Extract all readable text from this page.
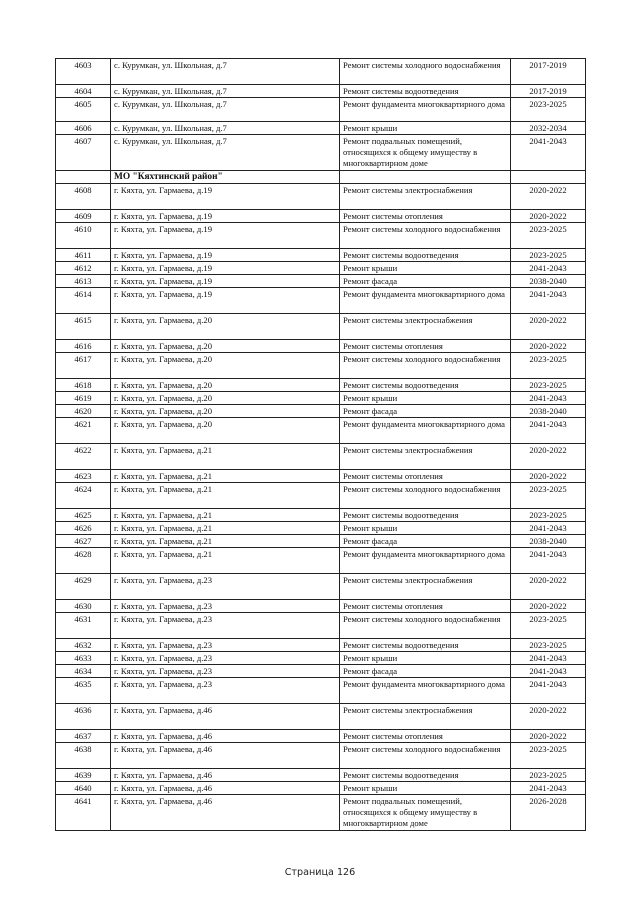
4603	с. Курумкан, ул. Школьная, д.7	Ремонт системы холодного водоснабжения	2017-2019
4604	с. Курумкан, ул. Школьная, д.7	Ремонт системы водоотведения	2017-2019
4605	с. Курумкан, ул. Школьная, д.7	Ремонт фундамента многоквартирного дома	2023-2025
4606	с. Курумкан, ул. Школьная, д.7	Ремонт крыши	2032-2034
4607	с. Курумкан, ул. Школьная, д.7	Ремонт подвальных помещений, относящихся к общему имуществу в многоквартирном доме	2041-2043
	МО "Кяхтинский район"		
4608	г. Кяхта, ул. Гармаева, д.19	Ремонт системы электроснабжения	2020-2022
4609	г. Кяхта, ул. Гармаева, д.19	Ремонт системы отопления	2020-2022
4610	г. Кяхта, ул. Гармаева, д.19	Ремонт системы холодного водоснабжения	2023-2025
4611	г. Кяхта, ул. Гармаева, д.19	Ремонт системы водоотведения	2023-2025
4612	г. Кяхта, ул. Гармаева, д.19	Ремонт крыши	2041-2043
4613	г. Кяхта, ул. Гармаева, д.19	Ремонт фасада	2038-2040
4614	г. Кяхта, ул. Гармаева, д.19	Ремонт фундамента многоквартирного дома	2041-2043
4615	г. Кяхта, ул. Гармаева, д.20	Ремонт системы электроснабжения	2020-2022
4616	г. Кяхта, ул. Гармаева, д.20	Ремонт системы отопления	2020-2022
4617	г. Кяхта, ул. Гармаева, д.20	Ремонт системы холодного водоснабжения	2023-2025
4618	г. Кяхта, ул. Гармаева, д.20	Ремонт системы водоотведения	2023-2025
4619	г. Кяхта, ул. Гармаева, д.20	Ремонт крыши	2041-2043
4620	г. Кяхта, ул. Гармаева, д.20	Ремонт фасада	2038-2040
4621	г. Кяхта, ул. Гармаева, д.20	Ремонт фундамента многоквартирного дома	2041-2043
4622	г. Кяхта, ул. Гармаева, д.21	Ремонт системы электроснабжения	2020-2022
4623	г. Кяхта, ул. Гармаева, д.21	Ремонт системы отопления	2020-2022
4624	г. Кяхта, ул. Гармаева, д.21	Ремонт системы холодного водоснабжения	2023-2025
4625	г. Кяхта, ул. Гармаева, д.21	Ремонт системы водоотведения	2023-2025
4626	г. Кяхта, ул. Гармаева, д.21	Ремонт крыши	2041-2043
4627	г. Кяхта, ул. Гармаева, д.21	Ремонт фасада	2038-2040
4628	г. Кяхта, ул. Гармаева, д.21	Ремонт фундамента многоквартирного дома	2041-2043
4629	г. Кяхта, ул. Гармаева, д.23	Ремонт системы электроснабжения	2020-2022
4630	г. Кяхта, ул. Гармаева, д.23	Ремонт системы отопления	2020-2022
4631	г. Кяхта, ул. Гармаева, д.23	Ремонт системы холодного водоснабжения	2023-2025
4632	г. Кяхта, ул. Гармаева, д.23	Ремонт системы водоотведения	2023-2025
4633	г. Кяхта, ул. Гармаева, д.23	Ремонт крыши	2041-2043
4634	г. Кяхта, ул. Гармаева, д.23	Ремонт фасада	2041-2043
4635	г. Кяхта, ул. Гармаева, д.23	Ремонт фундамента многоквартирного дома	2041-2043
4636	г. Кяхта, ул. Гармаева, д.46	Ремонт системы электроснабжения	2020-2022
4637	г. Кяхта, ул. Гармаева, д.46	Ремонт системы отопления	2020-2022
4638	г. Кяхта, ул. Гармаева, д.46	Ремонт системы холодного водоснабжения	2023-2025
4639	г. Кяхта, ул. Гармаева, д.46	Ремонт системы водоотведения	2023-2025
4640	г. Кяхта, ул. Гармаева, д.46	Ремонт крыши	2041-2043
4641	г. Кяхта, ул. Гармаева, д.46	Ремонт подвальных помещений, относящихся к общему имуществу в многоквартирном доме	2026-2028
Страница 126
